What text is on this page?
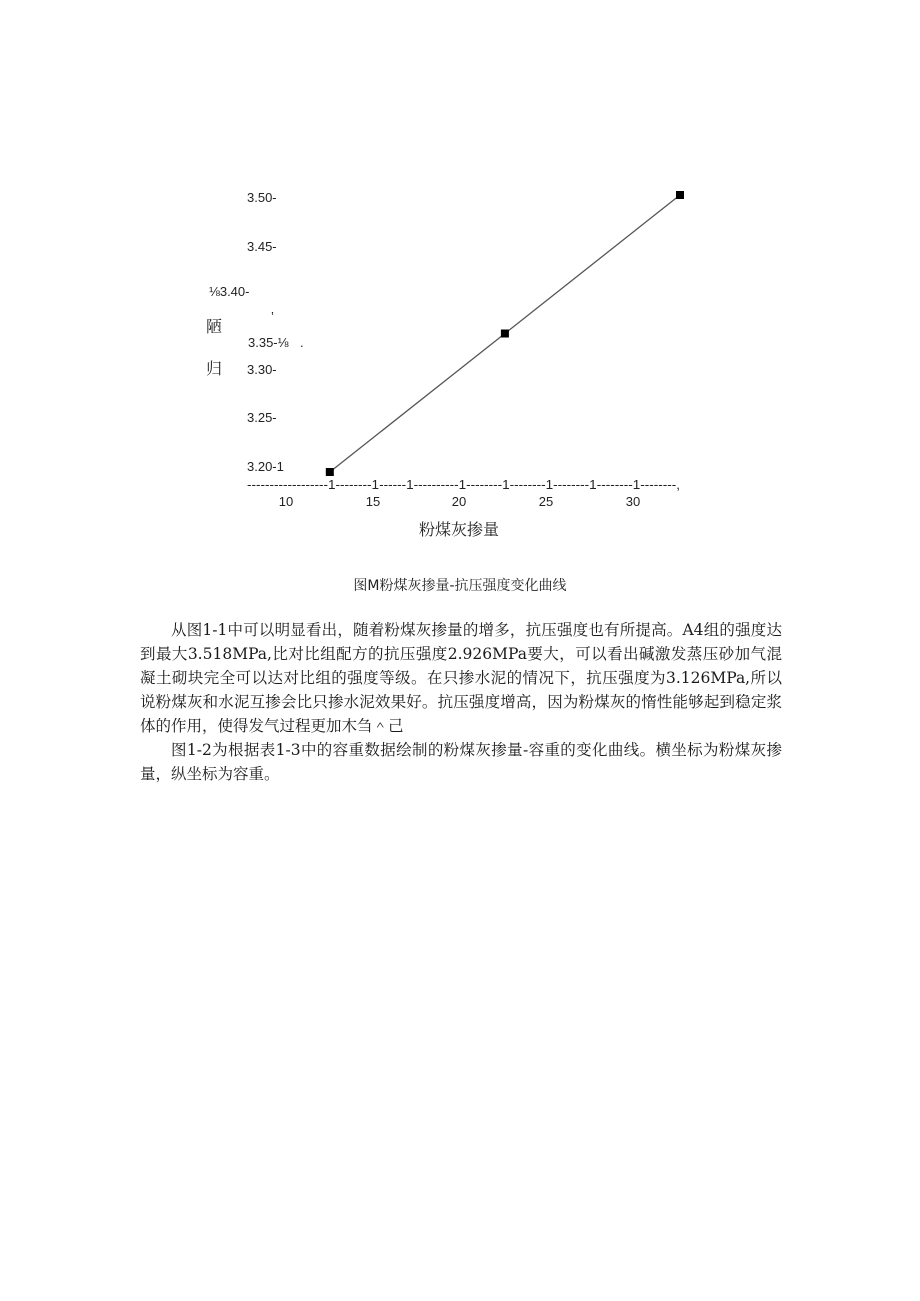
3.50-
3.45-
⅛3.40-
3.35-⅛
3.30-
3.25-
3.20-1
陋
归
’
.
------------------1--------1------1----------1--------1--------1--------1--------1--------,
10	15	20	25	30
粉煤灰掺量
图M粉煤灰掺量-抗压强度变化曲线

从图1-1中可以明显看出，随着粉煤灰掺量的增多，抗压强度也有所提高。A4组的强度达到最大3.518MPa,比对比组配方的抗压强度2.926MPa要大，可以看出碱激发蒸压砂加气混凝土砌块完全可以达对比组的强度等级。在只掺水泥的情况下，抗压强度为3.126MPa,所以说粉煤灰和水泥互掺会比只掺水泥效果好。抗压强度增高，因为粉煤灰的惰性能够起到稳定浆体的作用，使得发气过程更加木刍＾己

图1-2为根据表1-3中的容重数据绘制的粉煤灰掺量-容重的变化曲线。横坐标为粉煤灰掺量，纵坐标为容重。
